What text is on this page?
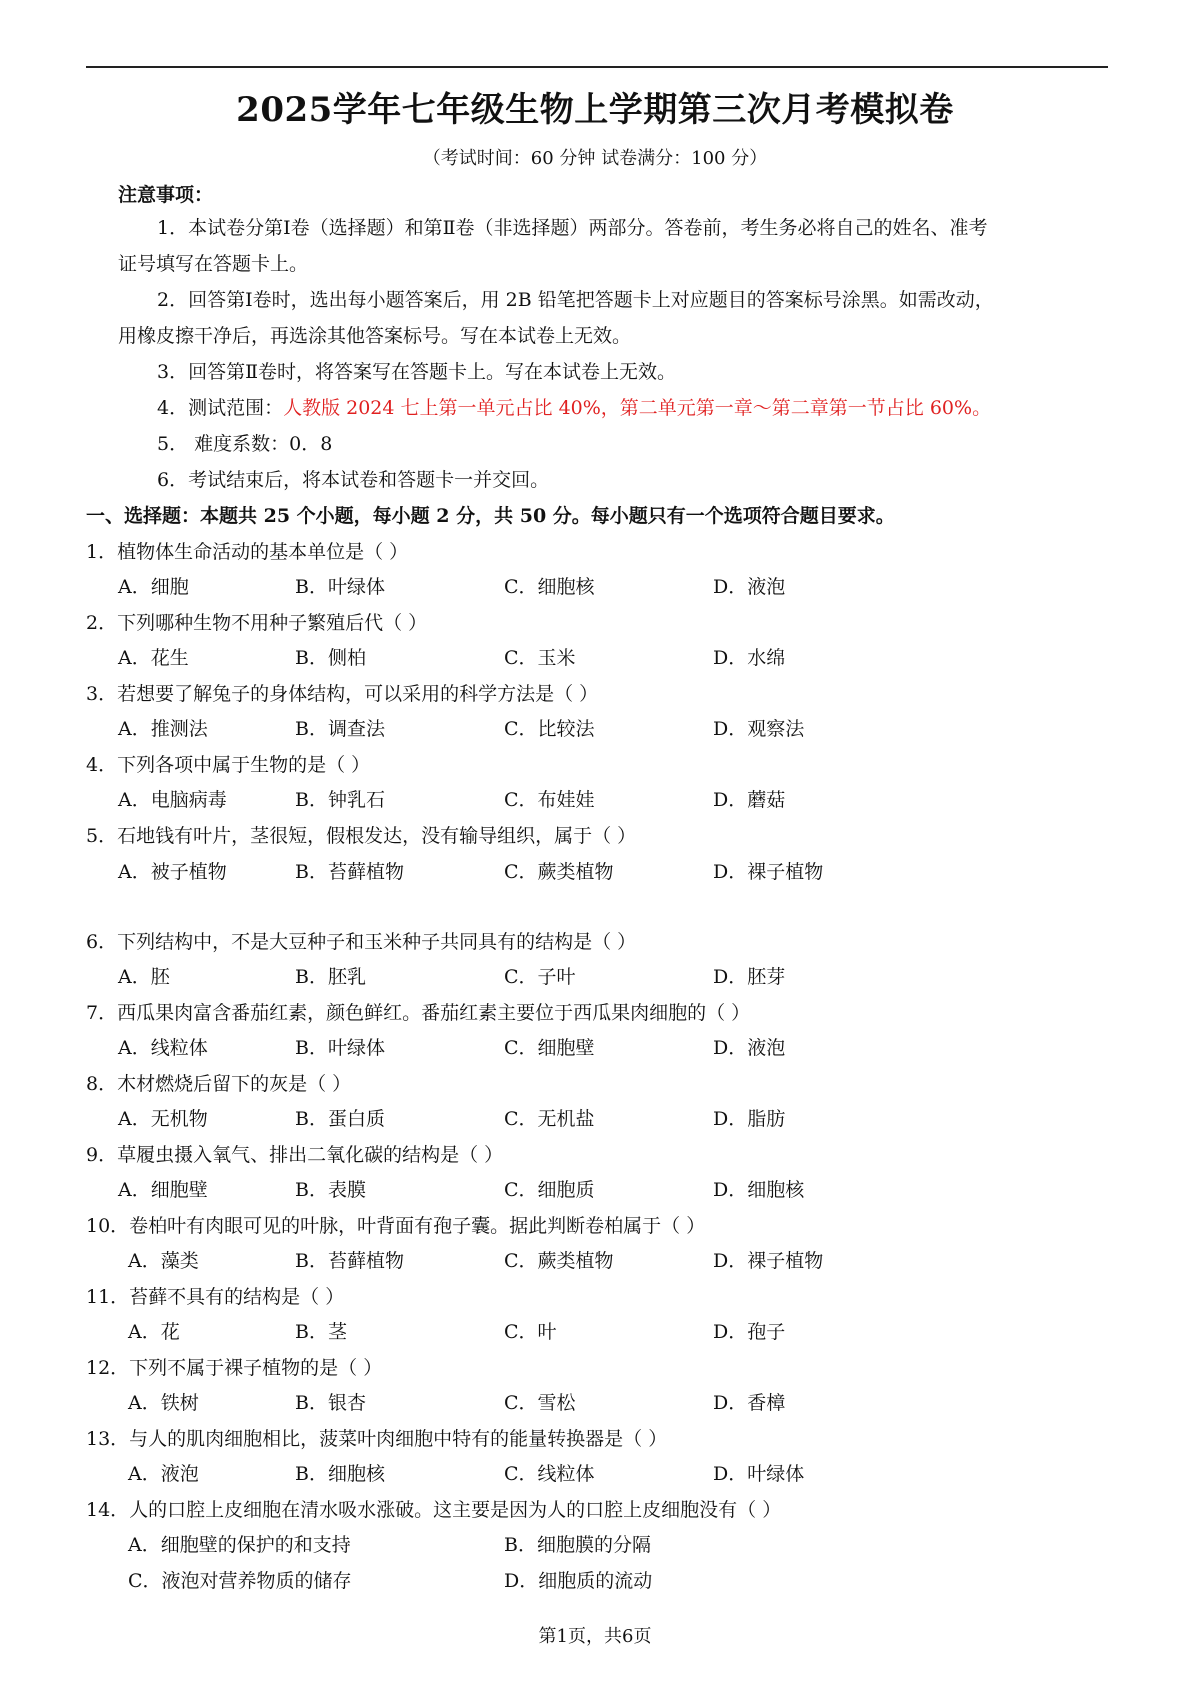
2025学年七年级生物上学期第三次月考模拟卷
（考试时间：60 分钟 试卷满分：100 分）
注意事项：
1．本试卷分第Ⅰ卷（选择题）和第Ⅱ卷（非选择题）两部分。答卷前，考生务必将自己的姓名、准考
证号填写在答题卡上。
2．回答第Ⅰ卷时，选出每小题答案后，用 2B 铅笔把答题卡上对应题目的答案标号涂黑。如需改动，
用橡皮擦干净后，再选涂其他答案标号。写在本试卷上无效。
3．回答第Ⅱ卷时，将答案写在答题卡上。写在本试卷上无效。
4．测试范围：人教版 2024 七上第一单元占比 40%，第二单元第一章～第二章第一节占比 60%。
5． 难度系数：0．8
6．考试结束后，将本试卷和答题卡一并交回。
一、选择题：本题共 25 个小题，每小题 2 分，共 50 分。每小题只有一个选项符合题目要求。
1．植物体生命活动的基本单位是（ ）
A．细胞	B．叶绿体	C．细胞核	D．液泡
2．下列哪种生物不用种子繁殖后代（ ）
A．花生	B．侧柏	C．玉米	D．水绵
3．若想要了解兔子的身体结构，可以采用的科学方法是（ ）
A．推测法	B．调查法	C．比较法	D．观察法
4．下列各项中属于生物的是（ ）
A．电脑病毒	B．钟乳石	C．布娃娃	D．蘑菇
5．石地钱有叶片，茎很短，假根发达，没有输导组织，属于（ ）
A．被子植物	B．苔藓植物	C．蕨类植物	D．裸子植物
6．下列结构中，不是大豆种子和玉米种子共同具有的结构是（ ）
A．胚	B．胚乳	C．子叶	D．胚芽
7．西瓜果肉富含番茄红素，颜色鲜红。番茄红素主要位于西瓜果肉细胞的（ ）
A．线粒体	B．叶绿体	C．细胞壁	D．液泡
8．木材燃烧后留下的灰是（ ）
A．无机物	B．蛋白质	C．无机盐	D．脂肪
9．草履虫摄入氧气、排出二氧化碳的结构是（ ）
A．细胞壁	B．表膜	C．细胞质	D．细胞核
10．卷柏叶有肉眼可见的叶脉，叶背面有孢子囊。据此判断卷柏属于（ ）
A．藻类	B．苔藓植物	C．蕨类植物	D．裸子植物
11．苔藓不具有的结构是（ ）
A．花	B．茎	C．叶	D．孢子
12．下列不属于裸子植物的是（ ）
A．铁树	B．银杏	C．雪松	D．香樟
13．与人的肌肉细胞相比，菠菜叶肉细胞中特有的能量转换器是（ ）
A．液泡	B．细胞核	C．线粒体	D．叶绿体
14．人的口腔上皮细胞在清水吸水涨破。这主要是因为人的口腔上皮细胞没有（ ）
A．细胞壁的保护的和支持	B．细胞膜的分隔
C．液泡对营养物质的储存	D．细胞质的流动
第1页，共6页
